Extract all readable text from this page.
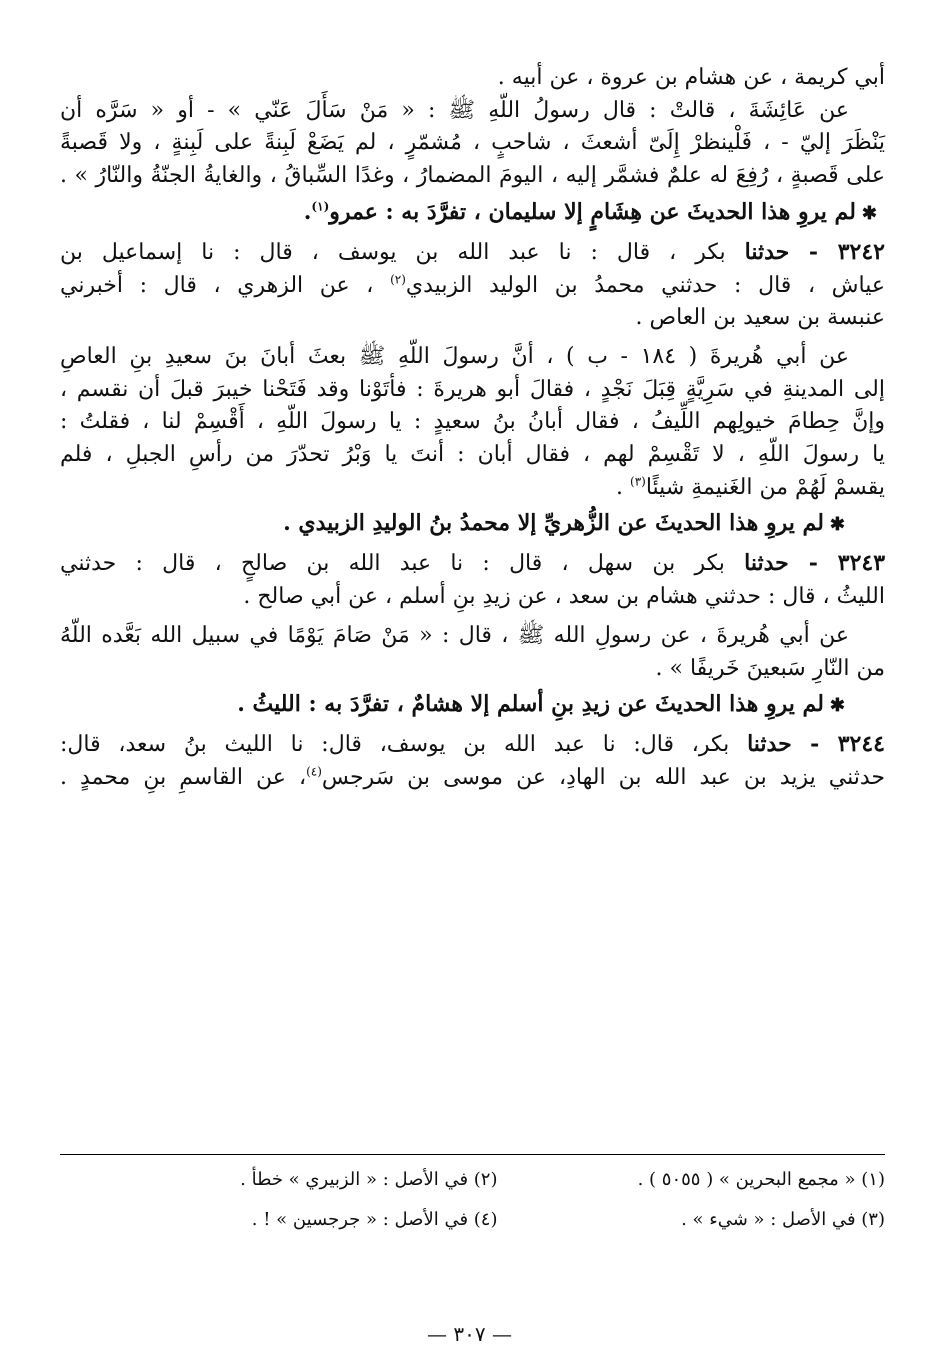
أبي كريمة ، عن هشام بن عروة ، عن أبيه .

عن عَائِشَةَ ، قالتْ : قال رسولُ اللّهِ ﷺ : « مَنْ سَأَلَ عَنّي » - أو « سَرَّه أن

يَنْظَرَ إليّ - ، فَلْينظرْ إِلَىّ أشعثَ ، شاحبٍ ، مُشمّرٍ ، لم يَضَعْ لَبِنةً على لَبِنةٍ ، ولا قَصبةً

على قَصبةٍ ، رُفِعَ له علمٌ فشمَّر إليه ، اليومَ المضمارُ ، وغدًا السِّباقُ ، والغايةُ الجنّةُ والنّارُ » .

✱لم يروِ هذا الحديثَ عن هِشَامٍ إلا سليمان ، تفرَّدَ به : عمرو$^{(١)}$.

٣٢٤٢ - حدثنا بكر ، قال : نا عبد الله بن يوسف ، قال : نا إسماعيل بن

عياش ، قال : حدثني محمدُ بن الوليد الزبيدي$^{(٢)}$ ، عن الزهري ، قال : أخبرني

عنبسة بن سعيد بن العاص .

عن أبي هُريرةَ ( ١٨٤ - ب ) ، أنَّ رسولَ اللّهِ ﷺ بعثَ أبانَ بنَ سعيدِ بنِ العاصِ

إلى المدينةِ في سَرِيَّةٍ قِبَلَ نَجْدٍ ، فقالَ أبو هريرةَ : فأتَوْنا وقد فَتَحْنا خيبرَ قبلَ أن نقسم ،

وإنَّ حِطامَ خيولِهم اللِّيفُ ، فقال أبانُ بنُ سعيدٍ : يا رسولَ اللّهِ ، أَقْسِمْ لنا ، فقلتُ :

يا رسولَ اللّهِ ، لا تَقْسِمْ لهم ، فقال أبان : أنتَ يا وَبْرُ تحدّرَ من رأسِ الجبلِ ، فلم

يقسمْ لَهُمْ من الغَنيمةِ شيئًا$^{(٣)}$ .

✱لم يروِ هذا الحديثَ عن الزُّهريِّ إلا محمدُ بنُ الوليدِ الزبيدي .

٣٢٤٣ - حدثنا بكر بن سهل ، قال : نا عبد الله بن صالحٍ ، قال : حدثني

الليثُ ، قال : حدثني هشام بن سعد ، عن زيدِ بنِ أسلم ، عن أبي صالح .

عن أبي هُريرةَ ، عن رسولِ الله ﷺ ، قال : « مَنْ صَامَ يَوْمًا في سبيل الله بَعَّده اللّهُ

من النّارِ سَبعينَ خَريفًا » .

✱لم يروِ هذا الحديثَ عن زيدِ بنِ أسلم إلا هشامٌ ، تفرَّدَ به : الليثُ .

٣٢٤٤ - حدثنا بكر، قال: نا عبد الله بن يوسف، قال: نا الليث بنُ سعد، قال:

حدثني يزيد بن عبد الله بن الهادِ، عن موسى بن سَرجس$^{(٤)}$، عن القاسمِ بنِ محمدٍ .

(١) « مجمع البحرين » ( ٥٠٥٥ ) .
(٢) في الأصل : « الزبيري » خطأ .
(٣) في الأصل : « شيء » .
(٤) في الأصل : « جرجسين » ! .
— ٣٠٧ —
